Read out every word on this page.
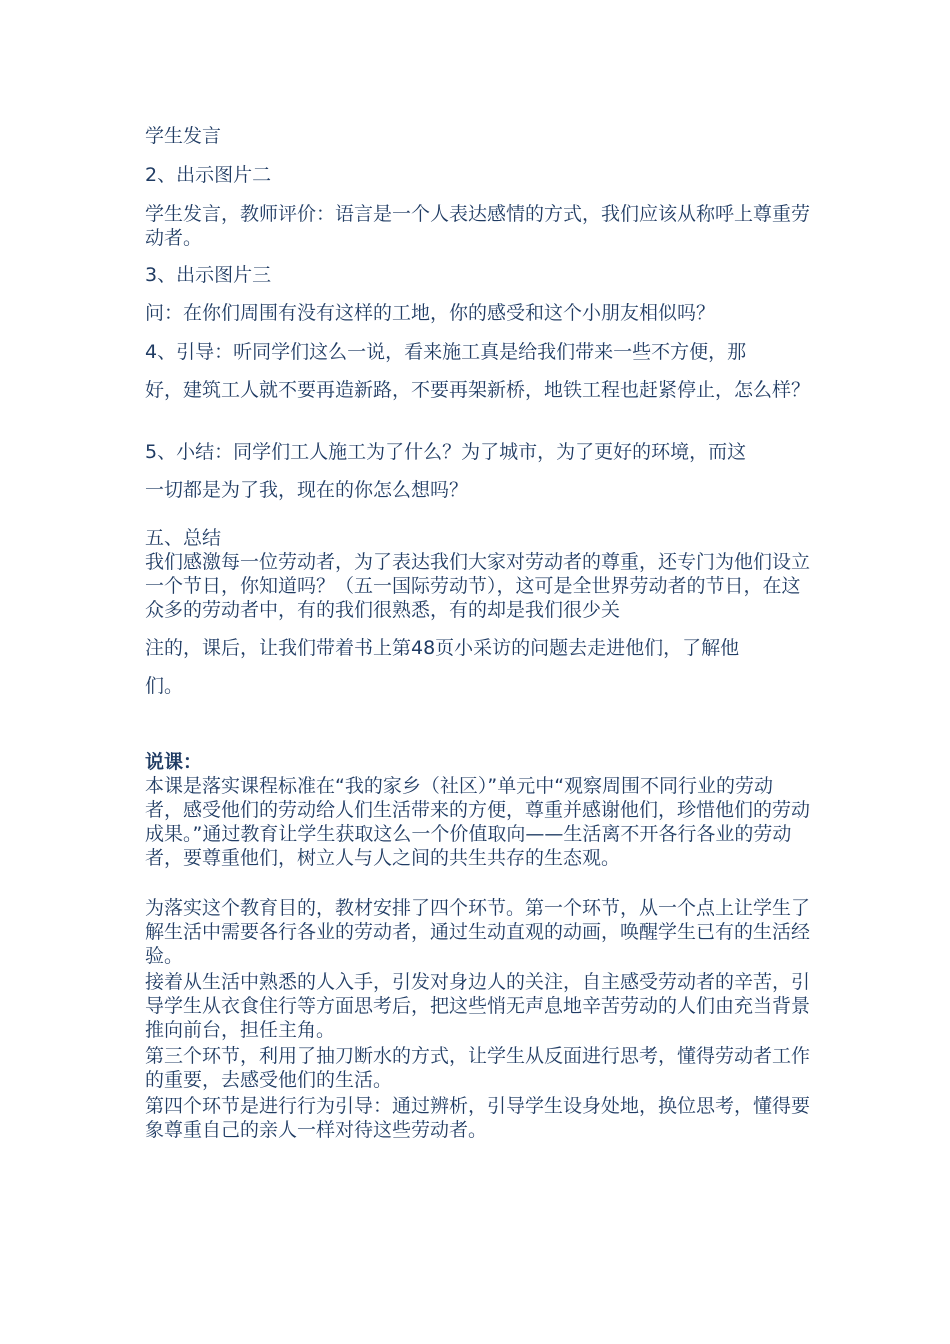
学生发言

2、出示图片二

学生发言，教师评价：语言是一个人表达感情的方式，我们应该从称呼上尊重劳动者。

3、出示图片三

问：在你们周围有没有这样的工地，你的感受和这个小朋友相似吗？

4、引导：听同学们这么一说，看来施工真是给我们带来一些不方便，那

好，建筑工人就不要再造新路，不要再架新桥，地铁工程也赶紧停止，怎么样？

5、小结：同学们工人施工为了什么？为了城市，为了更好的环境，而这

一切都是为了我，现在的你怎么想吗？

五、总结

我们感激每一位劳动者，为了表达我们大家对劳动者的尊重，还专门为他们设立一个节日，你知道吗？（五一国际劳动节），这可是全世界劳动者的节日，在这众多的劳动者中，有的我们很熟悉，有的却是我们很少关

注的，课后，让我们带着书上第48页小采访的问题去走进他们，了解他

们。

说课：

本课是落实课程标准在“我的家乡（社区）”单元中“观察周围不同行业的劳动者，感受他们的劳动给人们生活带来的方便，尊重并感谢他们，珍惜他们的劳动成果。”通过教育让学生获取这么一个价值取向——生活离不开各行各业的劳动者，要尊重他们，树立人与人之间的共生共存的生态观。

为落实这个教育目的，教材安排了四个环节。第一个环节，从一个点上让学生了解生活中需要各行各业的劳动者，通过生动直观的动画，唤醒学生已有的生活经验。

接着从生活中熟悉的人入手，引发对身边人的关注，自主感受劳动者的辛苦，引导学生从衣食住行等方面思考后，把这些悄无声息地辛苦劳动的人们由充当背景推向前台，担任主角。

第三个环节，利用了抽刀断水的方式，让学生从反面进行思考，懂得劳动者工作的重要，去感受他们的生活。

第四个环节是进行行为引导：通过辨析，引导学生设身处地，换位思考，懂得要象尊重自己的亲人一样对待这些劳动者。
